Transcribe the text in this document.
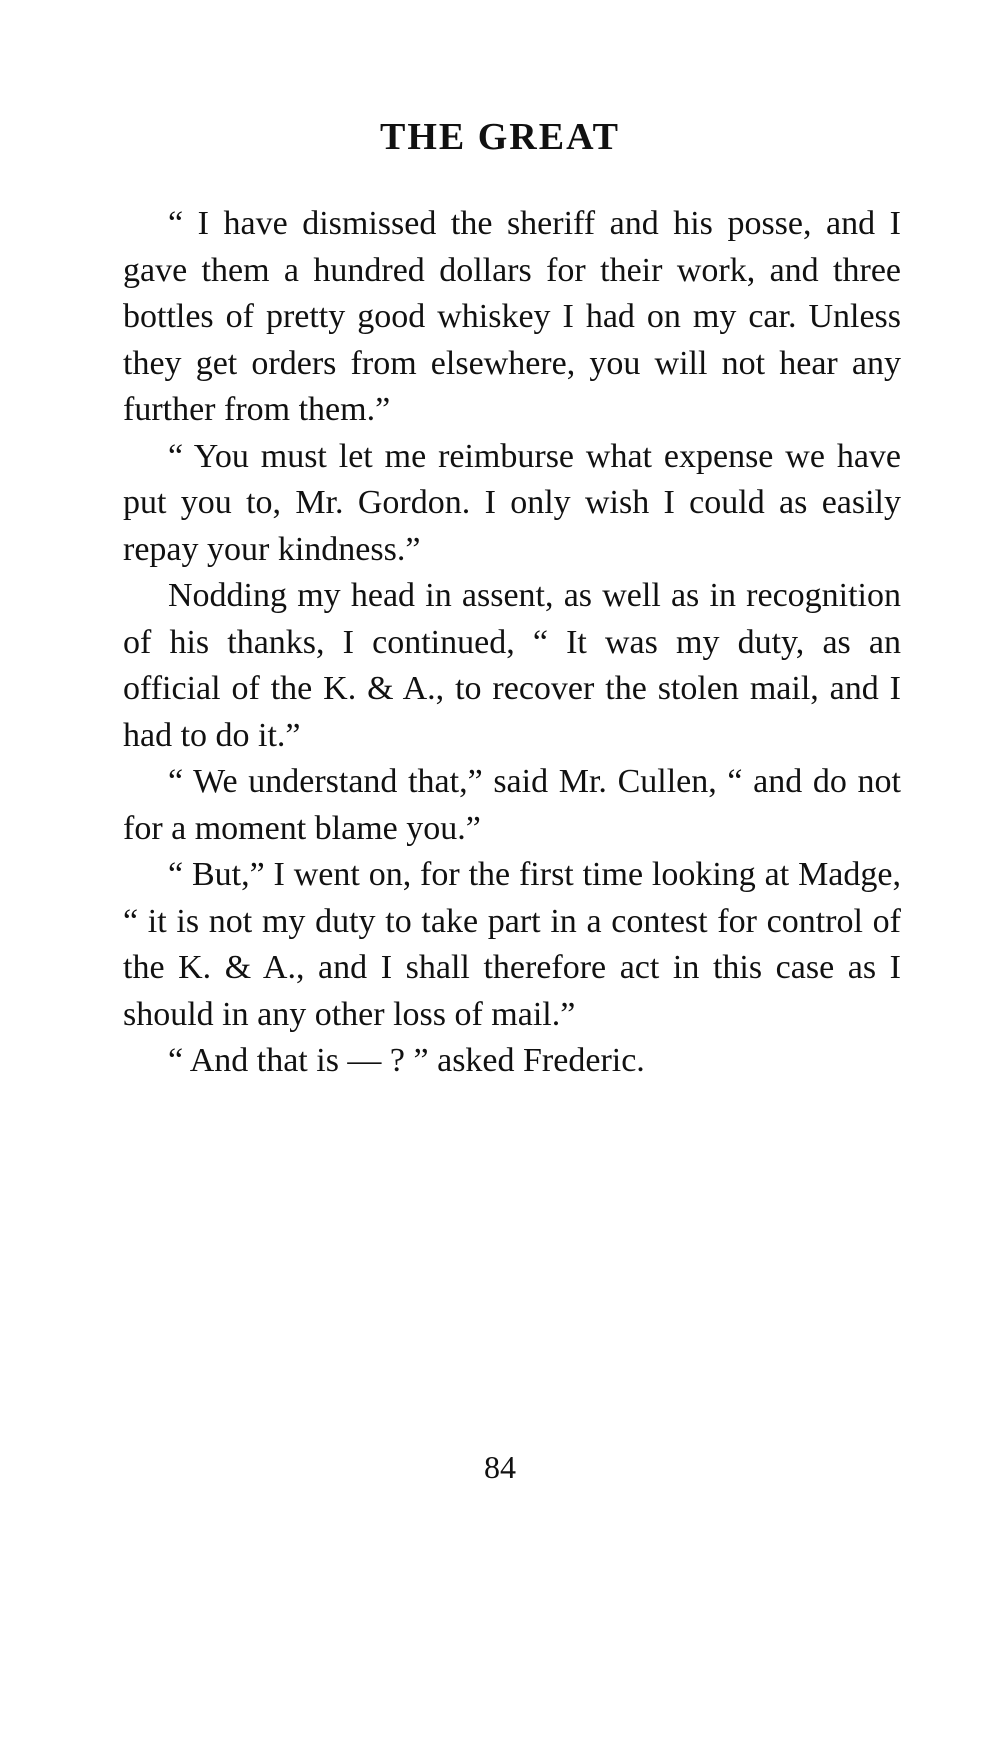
THE GREAT

“ I have dismissed the sheriff and his posse, and I gave them a hundred dollars for their work, and three bottles of pretty good whiskey I had on my car. Unless they get orders from elsewhere, you will not hear any further from them.”

“ You must let me reimburse what expense we have put you to, Mr. Gordon. I only wish I could as easily repay your kindness.”

Nodding my head in assent, as well as in recognition of his thanks, I continued, “ It was my duty, as an official of the K. & A., to recover the stolen mail, and I had to do it.”

“ We understand that,” said Mr. Cullen, “ and do not for a moment blame you.”

“ But,” I went on, for the first time looking at Madge, “ it is not my duty to take part in a contest for control of the K. & A., and I shall therefore act in this case as I should in any other loss of mail.”

“ And that is — ? ” asked Frederic.

84
